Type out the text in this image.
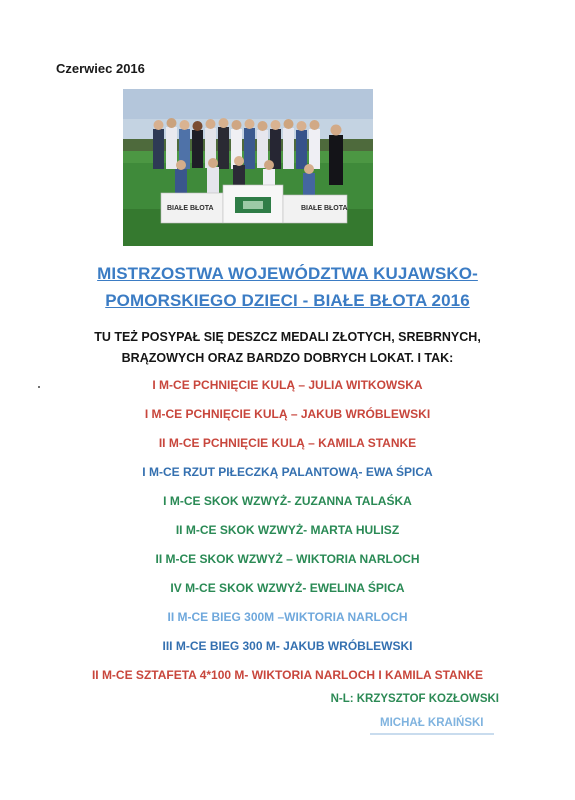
Czerwiec 2016
BIAŁE BŁOTA	BIAŁE BŁOTA
MISTRZOSTWA WOJEWÓDZTWA KUJAWSKO-
POMORSKIEGO DZIECI - BIAŁE BŁOTA 2016
TU TEŻ POSYPAŁ SIĘ DESZCZ MEDALI ZŁOTYCH, SREBRNYCH,
BRĄZOWYCH ORAZ BARDZO DOBRYCH LOKAT. I TAK:
I M-CE PCHNIĘCIE KULĄ – JULIA WITKOWSKA
I M-CE PCHNIĘCIE KULĄ – JAKUB WRÓBLEWSKI
II M-CE PCHNIĘCIE KULĄ – KAMILA STANKE
I M-CE RZUT PIŁECZKĄ PALANTOWĄ- EWA ŚPICA
I M-CE SKOK WZWYŻ- ZUZANNA TALAŚKA
II M-CE SKOK WZWYŻ- MARTA HULISZ
II M-CE SKOK WZWYŻ – WIKTORIA NARLOCH
IV M-CE SKOK WZWYŻ- EWELINA ŚPICA
II M-CE BIEG 300M –WIKTORIA NARLOCH
III M-CE BIEG 300 M- JAKUB WRÓBLEWSKI
II M-CE SZTAFETA 4*100 M- WIKTORIA NARLOCH I KAMILA STANKE
N-L: KRZYSZTOF KOZŁOWSKI
MICHAŁ KRAIŃSKI
